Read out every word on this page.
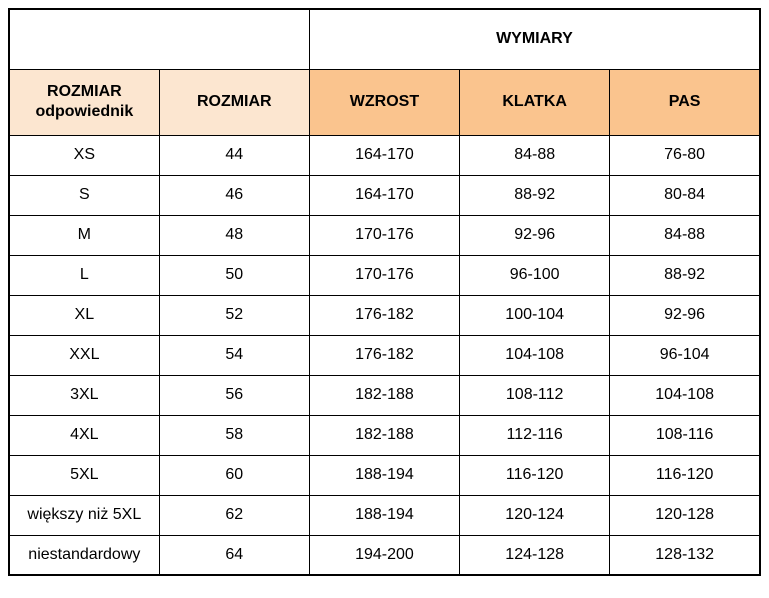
		WYMIARY		
ROZMIAR odpowiednik	ROZMIAR	WZROST	KLATKA	PAS
XS	44	164-170	84-88	76-80
S	46	164-170	88-92	80-84
M	48	170-176	92-96	84-88
L	50	170-176	96-100	88-92
XL	52	176-182	100-104	92-96
XXL	54	176-182	104-108	96-104
3XL	56	182-188	108-112	104-108
4XL	58	182-188	112-116	108-116
5XL	60	188-194	116-120	116-120
większy niż 5XL	62	188-194	120-124	120-128
niestandardowy	64	194-200	124-128	128-132
